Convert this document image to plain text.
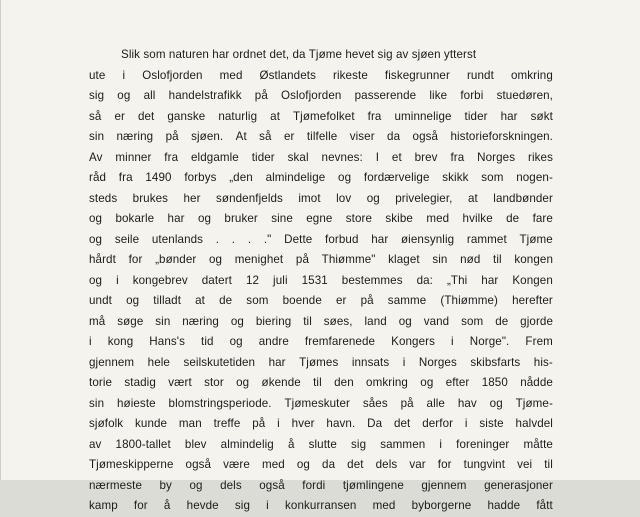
Slik som naturen har ordnet det, da Tjøme hevet sig av sjøen ytterst
ute i Oslofjorden med Østlandets rikeste fiskegrunner rundt omkring
sig og all handelstrafikk på Oslofjorden passerende like forbi stuedøren,
så er det ganske naturlig at Tjømefolket fra uminnelige tider har søkt
sin næring på sjøen. At så er tilfelle viser da også historieforskningen.
Av minner fra eldgamle tider skal nevnes: I et brev fra Norges rikes
råd fra 1490 forbys „den almindelige og fordærvelige skikk som nogen-
steds brukes her søndenfjelds imot lov og privelegier, at landbønder
og bokarle har og bruker sine egne store skibe med hvilke de fare
og seile utenlands . . . ." Dette forbud har øiensynlig rammet Tjøme
hårdt for „bønder og menighet på Thiømme" klaget sin nød til kongen
og i kongebrev datert 12 juli 1531 bestemmes da: „Thi har Kongen
undt og tilladt at de som boende er på samme (Thiømme) herefter
må søge sin næring og biering til søes, land og vand som de gjorde
i kong Hans's tid og andre fremfarenede Kongers i Norge". Frem
gjennem hele seilskutetiden har Tjømes innsats i Norges skibsfarts his-
torie stadig vært stor og økende til den omkring og efter 1850 nådde
sin høieste blomstringsperiode. Tjømeskuter såes på alle hav og Tjøme-
sjøfolk kunde man treffe på i hver havn. Da det derfor i siste halvdel
av 1800-tallet blev almindelig å slutte sig sammen i foreninger måtte
Tjømeskipperne også være med og da det dels var for tungvint vei til
nærmeste by og dels også fordi tjømlingene gjennem generasjoner
kamp for å hevde sig i konkurransen med byborgerne hadde fått
